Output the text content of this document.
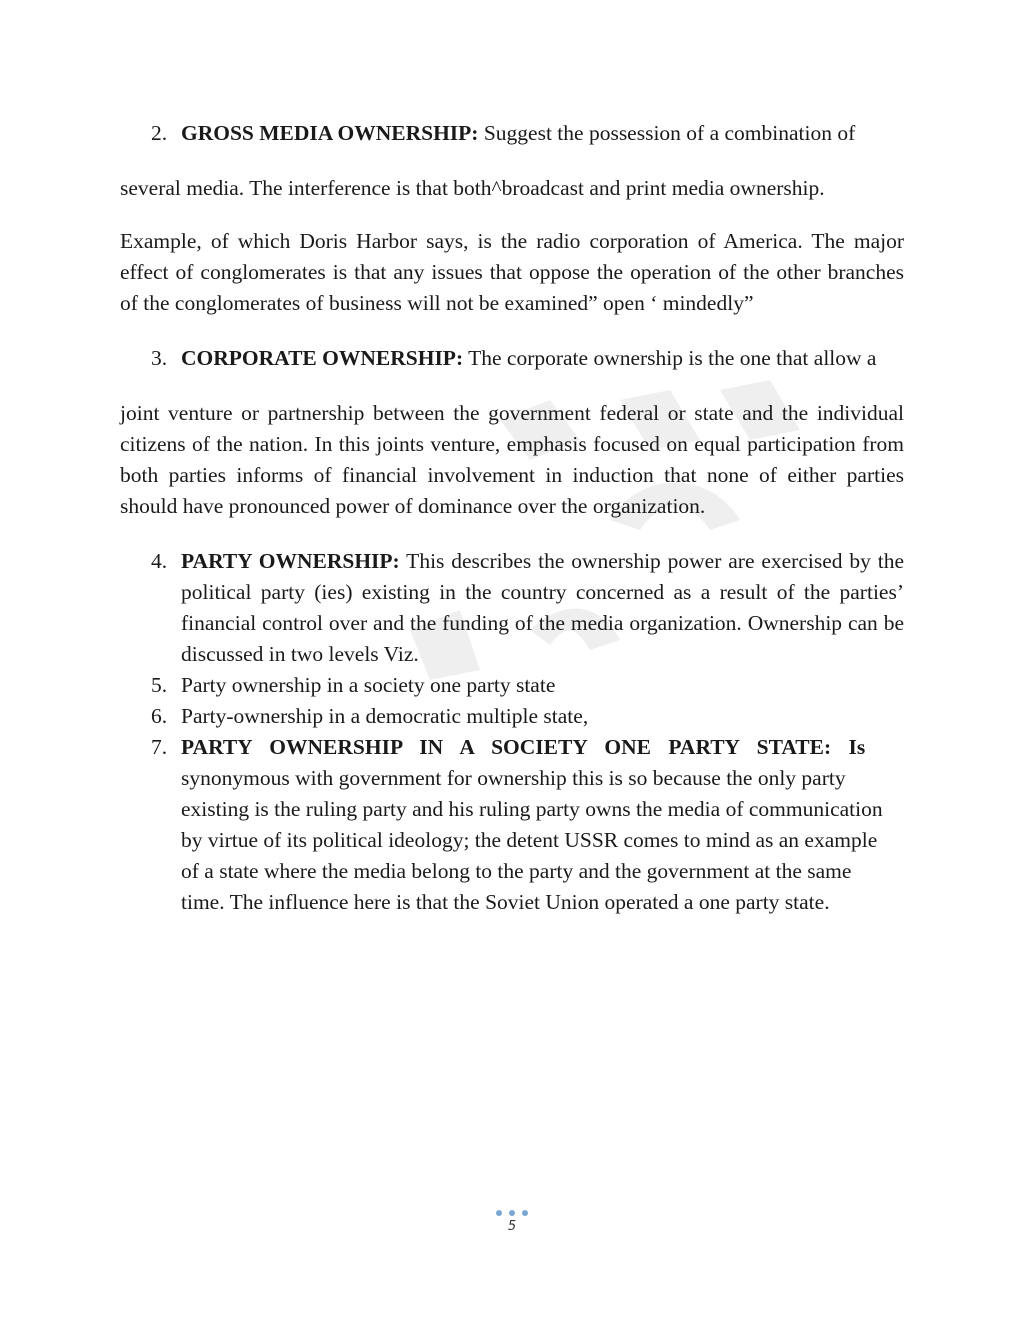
2. GROSS MEDIA OWNERSHIP: Suggest the possession of a combination of

several media. The interference is that both^broadcast and print media ownership.

Example, of which Doris Harbor says, is the radio corporation of America. The major effect of conglomerates is that any issues that oppose the operation of the other branches of the conglomerates of business will not be examined” open ‘ mindedly”

3. CORPORATE OWNERSHIP: The corporate ownership is the one that allow a

joint venture or partnership between the government federal or state and the individual citizens of the nation. In this joints venture, emphasis focused on equal participation from both parties informs of financial involvement in induction that none of either parties should have pronounced power of dominance over the organization.

4. PARTY OWNERSHIP: This describes the ownership power are exercised by the political party (ies) existing in the country concerned as a result of the parties’ financial control over and the funding of the media organization. Ownership can be discussed in two levels Viz.
5. Party ownership in a society one party state
6. Party-ownership in a democratic multiple state,
7. PARTY OWNERSHIP IN A SOCIETY ONE PARTY STATE: Is
synonymous with government for ownership this is so because the only party
existing is the ruling party and his ruling party owns the media of communication
by virtue of its political ideology; the detent USSR comes to mind as an example
of a state where the media belong to the party and the government at the same
time. The influence here is that the Soviet Union operated a one party state.
5
